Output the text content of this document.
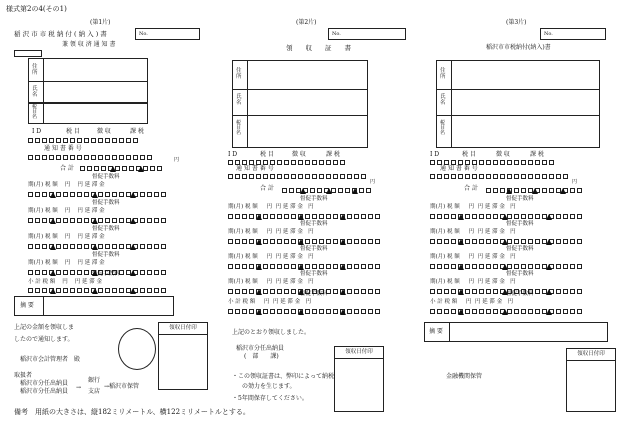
様式第2の4(その1)
(第1片)
稲 沢 市 市 税 納 付 ( 納 入 ) 書	No.
兼 領 収 済 通 知 書
住 所
氏 名
税 目 名
I D	税 目	徴 収	課 税
通 知 書 番 号
円
合 計
督促手数料
期(月) 税 額 円 円 延 滞 金
督促手数料
期(月) 税 額 円 円 延 滞 金
督促手数料
期(月) 税 額 円 円 延 滞 金
督促手数料
期(月) 税 額 円 円 延 滞 金
督促手数料
小 計 税 額 円 円 延 滞 金
摘 要
上記の金額を領収しま
したので通知します。
稲沢市会計管理者　殿
取扱者
稲沢市分任出納員
稲沢市分任出納員
→
銀行
支店
→稲沢市保管
領収日付印
(第2片)
No.
領　　収　　証　　書
住 所
氏 名
税 目 名
I D	税 目	徴 収	課 税
通 知 書 番 号
円
合 計
督促手数料
期(月) 税 額 円 円 延 滞 金 円
督促手数料
期(月) 税 額 円 円 延 滞 金 円
督促手数料
期(月) 税 額 円 円 延 滞 金 円
督促手数料
期(月) 税 額 円 円 延 滞 金 円
督促手数料
小 計 税 額 円 円 延 滞 金 円
上記のとおり領収しました。
稲沢市分任出納員
(　部　　課)
・この領収証書は、弊印によって納税
の効力を生じます。
・5年間保存してください。
領収日付印
(第3片)
No.
稲沢市市税納付(納入)書
住 所
氏 名
税 目 名
I D	税 目	徴 収	課 税
通 知 書 番 号
円
合 計
督促手数料
期(月) 税 額 円 円 延 滞 金 円
督促手数料
期(月) 税 額 円 円 延 滞 金 円
督促手数料
期(月) 税 額 円 円 延 滞 金 円
督促手数料
期(月) 税 額 円 円 延 滞 金 円
督促手数料
小 計 税 額 円 円 延 滞 金 円
摘 要
金融機関保管
領収日付印
備考　用紙の大きさは、縦182ミリメートル、横122ミリメートルとする。
